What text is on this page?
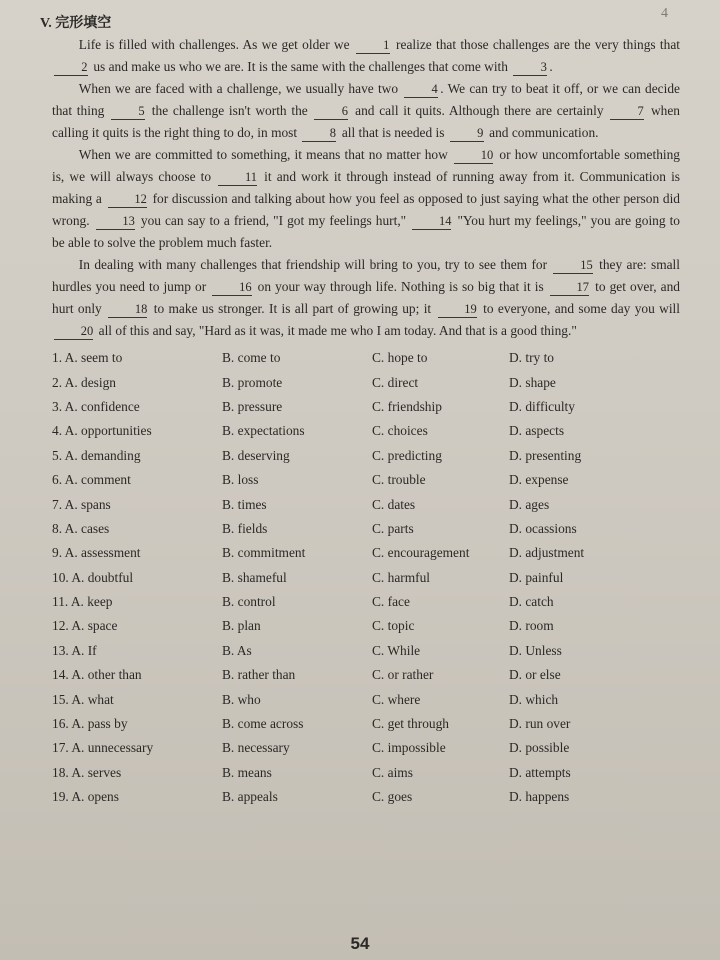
4
V. 完形填空

Life is filled with challenges. As we get older we 1 realize that those challenges are the very things that 2 us and make us who we are. It is the same with the challenges that come with 3 .

When we are faced with a challenge, we usually have two 4 . We can try to beat it off, or we can decide that thing 5 the challenge isn't worth the 6 and call it quits. Although there are certainly 7 when calling it quits is the right thing to do, in most 8 all that is needed is 9 and communication.

When we are committed to something, it means that no matter how 10 or how uncomfortable something is, we will always choose to 11 it and work it through instead of running away from it. Communication is making a 12 for discussion and talking about how you feel as opposed to just saying what the other person did wrong. 13 you can say to a friend, "I got my feelings hurt," 14 "You hurt my feelings," you are going to be able to solve the problem much faster.

In dealing with many challenges that friendship will bring to you, try to see them for 15 they are: small hurdles you need to jump or 16 on your way through life. Nothing is so big that it is 17 to get over, and hurt only 18 to make us stronger. It is all part of growing up; it 19 to everyone, and some day you will 20 all of this and say, "Hard as it was, it made me who I am today. And that is a good thing."

1. A. seem to	B. come to	C. hope to	D. try to
2. A. design	B. promote	C. direct	D. shape
3. A. confidence	B. pressure	C. friendship	D. difficulty
4. A. opportunities	B. expectations	C. choices	D. aspects
5. A. demanding	B. deserving	C. predicting	D. presenting
6. A. comment	B. loss	C. trouble	D. expense
7. A. spans	B. times	C. dates	D. ages
8. A. cases	B. fields	C. parts	D. ocassions
9. A. assessment	B. commitment	C. encouragement	D. adjustment
10. A. doubtful	B. shameful	C. harmful	D. painful
11. A. keep	B. control	C. face	D. catch
12. A. space	B. plan	C. topic	D. room
13. A. If	B. As	C. While	D. Unless
14. A. other than	B. rather than	C. or rather	D. or else
15. A. what	B. who	C. where	D. which
16. A. pass by	B. come across	C. get through	D. run over
17. A. unnecessary	B. necessary	C. impossible	D. possible
18. A. serves	B. means	C. aims	D. attempts
19. A. opens	B. appeals	C. goes	D. happens
54
